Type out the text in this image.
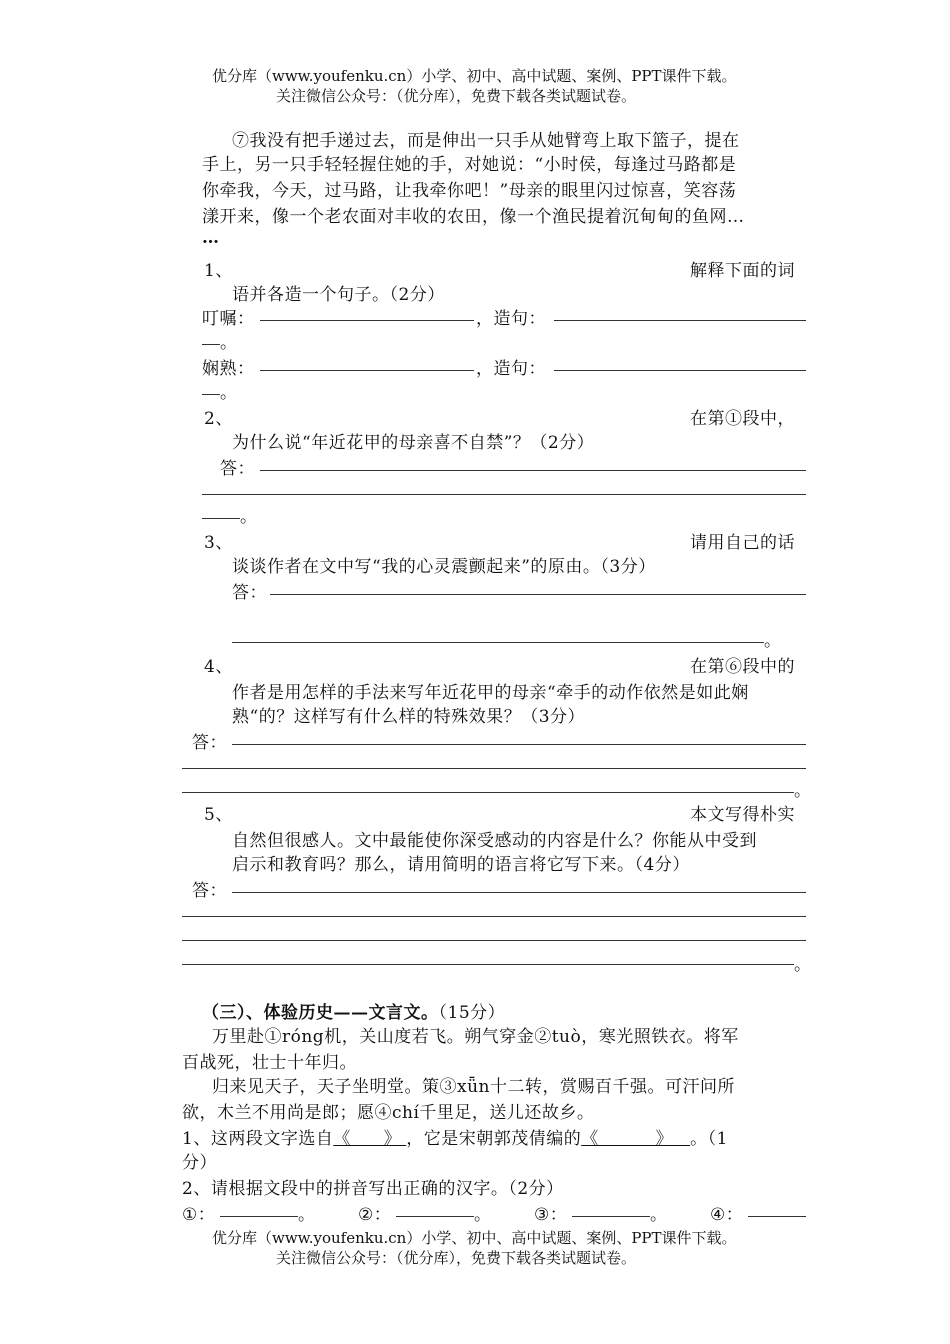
优分库（www.youfenku.cn）小学、初中、高中试题、案例、PPT课件下载。
关注微信公众号：（优分库），免费下载各类试题试卷。
⑦我没有把手递过去，而是伸出一只手从她臂弯上取下篮子，提在
手上，另一只手轻轻握住她的手，对她说：“小时侯，每逢过马路都是
你牵我，今天，过马路，让我牵你吧！”母亲的眼里闪过惊喜，笑容荡
漾开来，像一个老农面对丰收的农田，像一个渔民提着沉甸甸的鱼网…
…
1、	解释下面的词
语并各造一个句子。（2分）
叮嘱：	，造句：
。
娴熟：	，造句：
。
2、	在第①段中，
为什么说“年近花甲的母亲喜不自禁”？（2分）
答：
。
3、	请用自己的话
谈谈作者在文中写“我的心灵震颤起来”的原由。（3分）
答：
。
4、	在第⑥段中的
作者是用怎样的手法来写年近花甲的母亲“牵手的动作依然是如此娴
熟“的？这样写有什么样的特殊效果？（3分）
答：
。
5、	本文写得朴实
自然但很感人。文中最能使你深受感动的内容是什么？你能从中受到
启示和教育吗？那么，请用简明的语言将它写下来。（4分）
答：
。
（三）、体验历史——文言文。（15分）
万里赴①róng机，关山度若飞。朔气穿金②tuò，寒光照铁衣。将军
百战死，壮士十年归。
归来见天子，天子坐明堂。策③xǖn十二转，赏赐百千强。可汗问所
欲，木兰不用尚是郎；愿④chí千里足，送儿还故乡。
1、这两段文字选自《 》，它是宋朝郭茂倩编的《 》。（1
分）
2、请根据文段中的拼音写出正确的汉字。（2分）
①：	。	②：	。	③：	。	④：
优分库（www.youfenku.cn）小学、初中、高中试题、案例、PPT课件下载。
关注微信公众号：（优分库），免费下载各类试题试卷。
